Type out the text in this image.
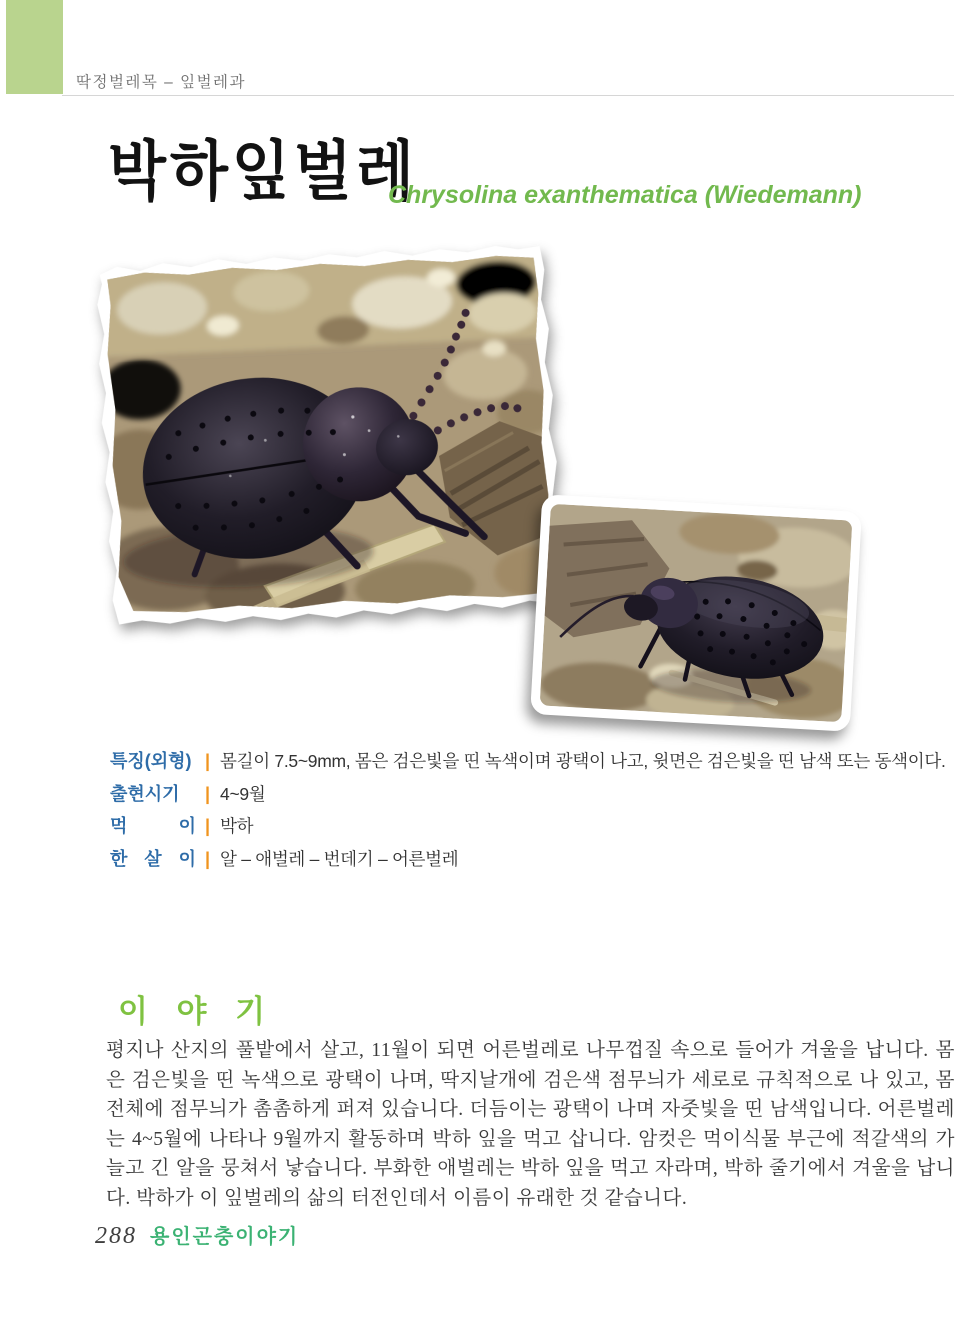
딱정벌레목 – 잎벌레과
박하잎벌레
Chrysolina exanthematica (Wiedemann)
특징(외형) | 몸길이 7.5~9mm, 몸은 검은빛을 띤 녹색이며 광택이 나고, 윗면은 검은빛을 띤 남색 또는 동색이다.
출현시기	| 4~9월
먹 이 | 박하
한 살 이 | 알 – 애벌레 – 번데기 – 어른벌레
이 야 기
평지나 산지의 풀밭에서 살고, 11월이 되면 어른벌레로 나무껍질 속으로 들어가 겨울을 납니다. 몸은 검은빛을 띤 녹색으로 광택이 나며, 딱지날개에 검은색 점무늬가 세로로 규칙적으로 나 있고, 몸 전체에 점무늬가 촘촘하게 퍼져 있습니다. 더듬이는 광택이 나며 자줏빛을 띤 남색입니다. 어른벌레는 4~5월에 나타나 9월까지 활동하며 박하 잎을 먹고 삽니다. 암컷은 먹이식물 부근에 적갈색의 가늘고 긴 알을 뭉쳐서 낳습니다. 부화한 애벌레는 박하 잎을 먹고 자라며, 박하 줄기에서 겨울을 납니다. 박하가 이 잎벌레의 삶의 터전인데서 이름이 유래한 것 같습니다.
288 용인곤충이야기
